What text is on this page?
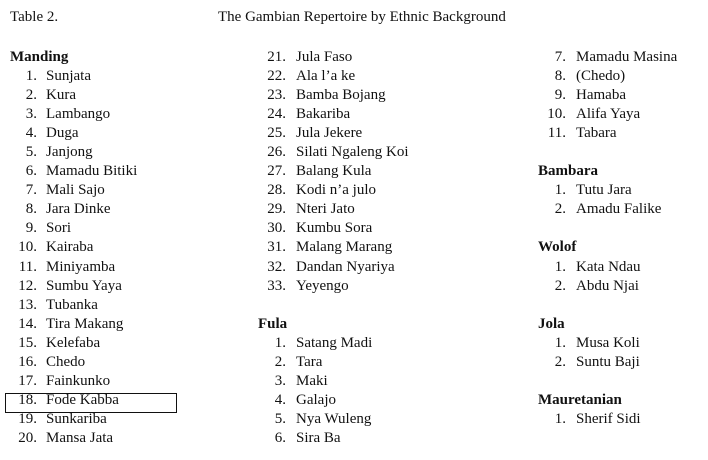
Table 2.	The Gambian Repertoire by Ethnic Background
Manding
1. Sunjata
2. Kura
3. Lambango
4. Duga
5. Janjong
6. Mamadu Bitiki
7. Mali Sajo
8. Jara Dinke
9. Sori
10. Kairaba
11. Miniyamba
12. Sumbu Yaya
13. Tubanka
14. Tira Makang
15. Kelefaba
16. Chedo
17. Fainkunko
18. Fode Kabba
19. Sunkariba
20. Mansa Jata
21. Jula Faso
22. Ala l’a ke
23. Bamba Bojang
24. Bakariba
25. Jula Jekere
26. Silati Ngaleng Koi
27. Balang Kula
28. Kodi n’a julo
29. Nteri Jato
30. Kumbu Sora
31. Malang Marang
32. Dandan Nyariya
33. Yeyengo
Fula
1. Satang Madi
2. Tara
3. Maki
4. Galajo
5. Nya Wuleng
6. Sira Ba
7. Mamadu Masina
8. (Chedo)
9. Hamaba
10. Alifa Yaya
11. Tabara
Bambara
1. Tutu Jara
2. Amadu Falike
Wolof
1. Kata Ndau
2. Abdu Njai
Jola
1. Musa Koli
2. Suntu Baji
Mauretanian
1. Sherif Sidi
